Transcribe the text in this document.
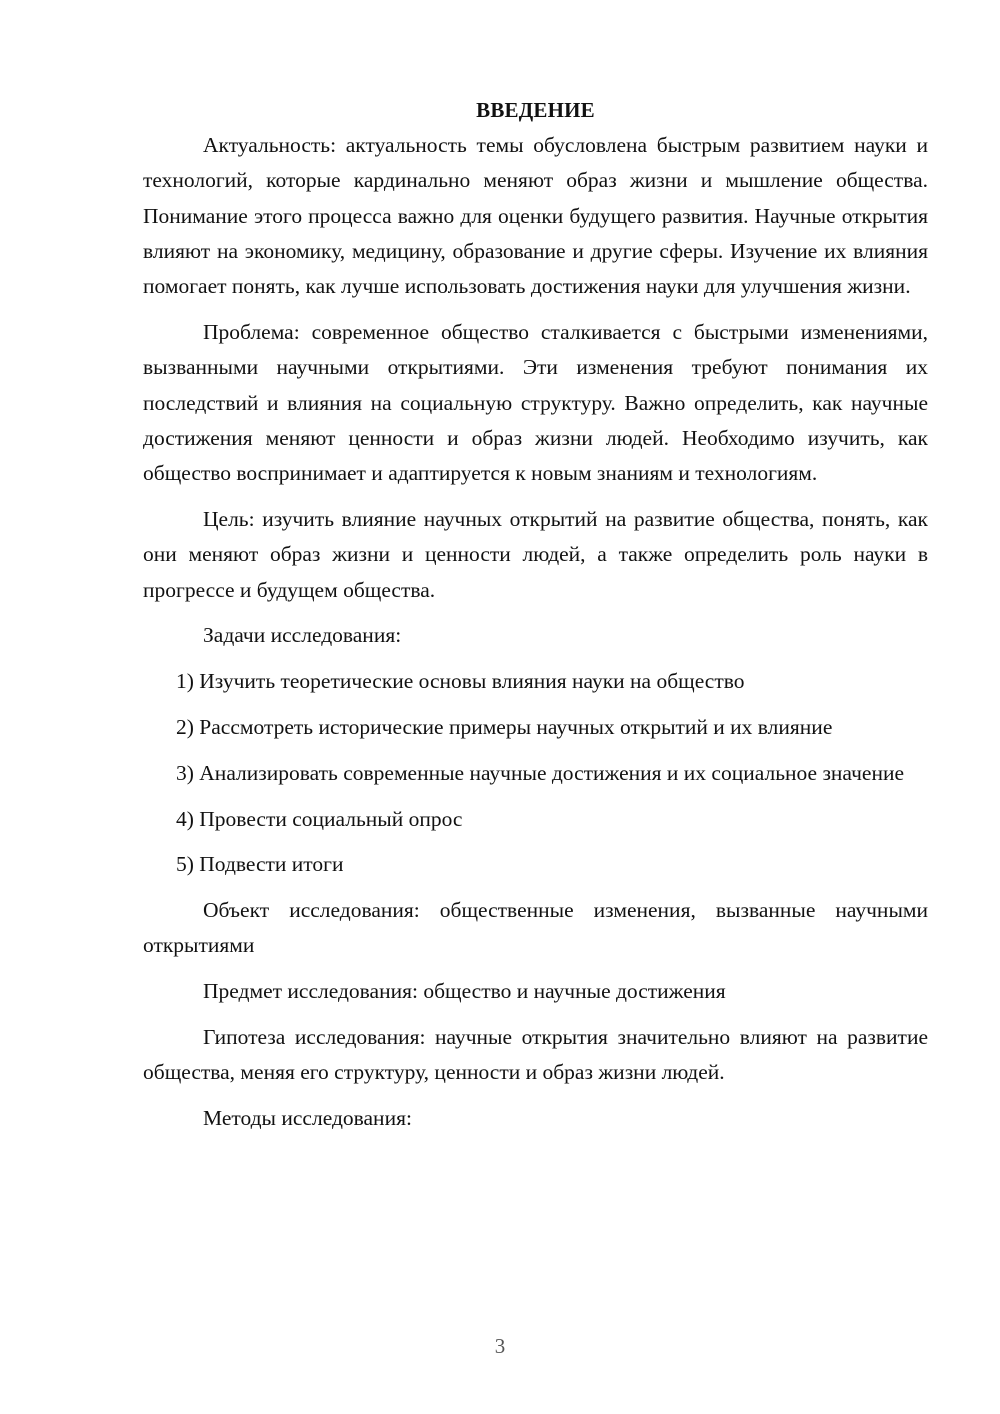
ВВЕДЕНИЕ

Актуальность: актуальность темы обусловлена быстрым развитием науки и технологий, которые кардинально меняют образ жизни и мышление общества. Понимание этого процесса важно для оценки будущего развития. Научные открытия влияют на экономику, медицину, образование и другие сферы. Изучение их влияния помогает понять, как лучше использовать достижения науки для улучшения жизни.

Проблема: современное общество сталкивается с быстрыми изменениями, вызванными научными открытиями. Эти изменения требуют понимания их последствий и влияния на социальную структуру. Важно определить, как научные достижения меняют ценности и образ жизни людей. Необходимо изучить, как общество воспринимает и адаптируется к новым знаниям и технологиям.

Цель: изучить влияние научных открытий на развитие общества, понять, как они меняют образ жизни и ценности людей, а также определить роль науки в прогрессе и будущем общества.

Задачи исследования:

1) Изучить теоретические основы влияния науки на общество

2) Рассмотреть исторические примеры научных открытий и их влияние

3) Анализировать современные научные достижения и их социальное значение

4) Провести социальный опрос

5) Подвести итоги

Объект исследования: общественные изменения, вызванные научными открытиями

Предмет исследования: общество и научные достижения

Гипотеза исследования: научные открытия значительно влияют на развитие общества, меняя его структуру, ценности и образ жизни людей.

Методы исследования:

3
